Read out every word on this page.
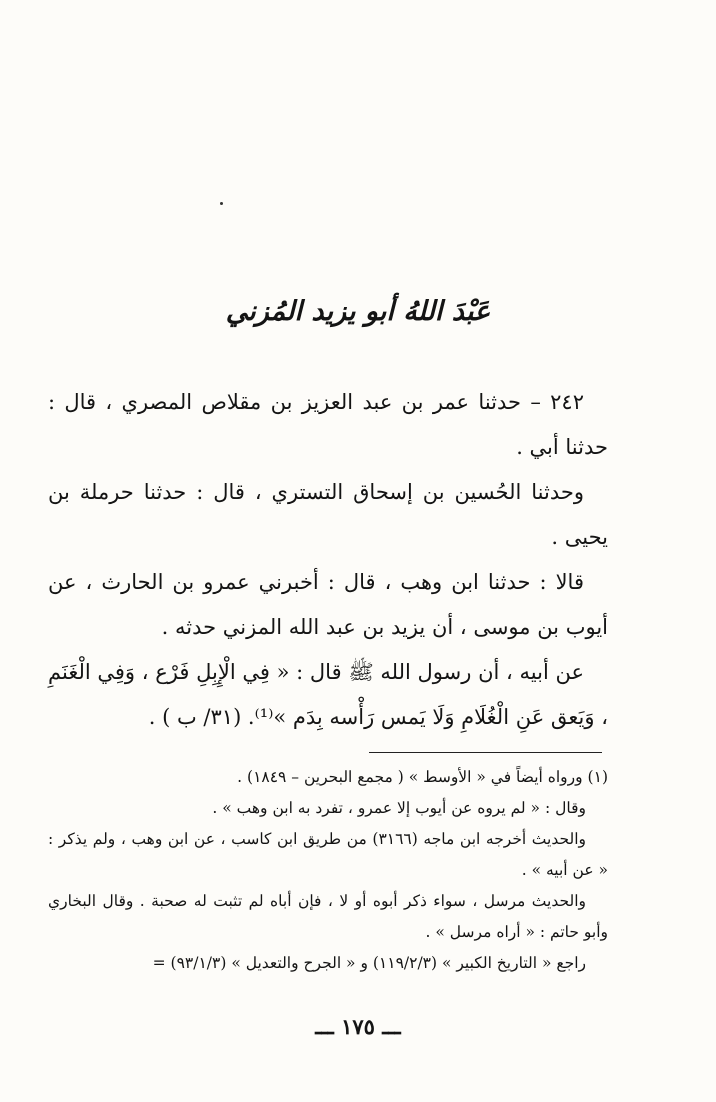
عَبْدَ اللهُ أبو يزيد المُزني

٢٤٢ – حدثنا عمر بن عبد العزيز بن مقلاص المصري ، قال : حدثنا أبي .

وحدثنا الحُسين بن إسحاق التستري ، قال : حدثنا حرملة بن يحيى .

قالا : حدثنا ابن وهب ، قال : أخبرني عمرو بن الحارث ، عن أيوب بن موسى ، أن يزيد بن عبد الله المزني حدثه .

عن أبيه ، أن رسول الله ﷺ قال : « فِي الْإِبِلِ فَرْع ، وَفِي الْغَنَمِ ، وَيَعق عَنِ الْغُلَامِ وَلَا يَمس رَأْسه بِدَم »⁽¹⁾. (٣١/ ب ) .

(١) ورواه أيضاً في « الأوسط » ( مجمع البحرين – ١٨٤٩) .

وقال : « لم يروه عن أيوب إلا عمرو ، تفرد به ابن وهب » .

والحديث أخرجه ابن ماجه (٣١٦٦) من طريق ابن كاسب ، عن ابن وهب ، ولم يذكر : « عن أبيه » .

والحديث مرسل ، سواء ذكر أبوه أو لا ، فإن أباه لم تثبت له صحبة . وقال البخاري وأبو حاتم : « أراه مرسل » .

راجع « التاريخ الكبير » (١١٩/٢/٣) و « الجرح والتعديل » (٩٣/١/٣) =

ـــ ١٧٥ ـــ
